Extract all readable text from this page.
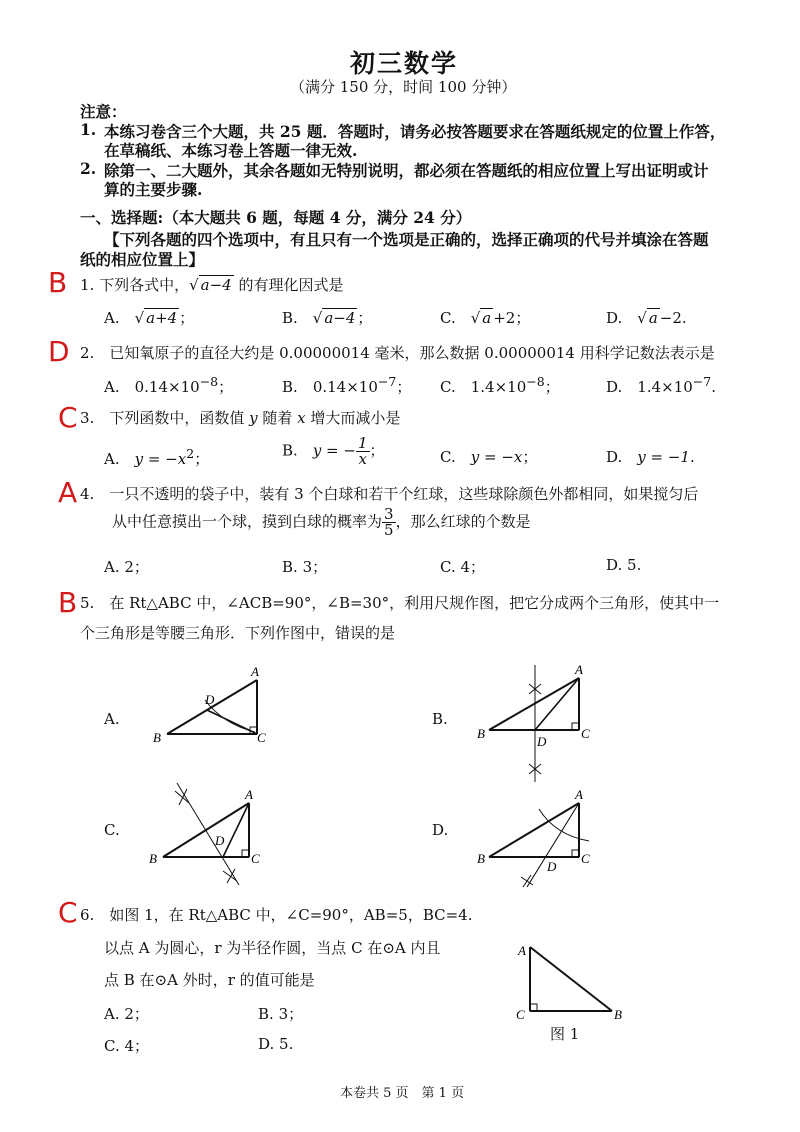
初三数学
（满分 150 分，时间 100 分钟）
注意：
1. 本练习卷含三个大题，共 25 题．答题时，请务必按答题要求在答题纸规定的位置上作答，
在草稿纸、本练习卷上答题一律无效.
2. 除第一、二大题外，其余各题如无特别说明，都必须在答题纸的相应位置上写出证明或计
算的主要步骤.
一、选择题:（本大题共 6 题，每题 4 分，满分 24 分）
【下列各题的四个选项中，有且只有一个选项是正确的，选择正确项的代号并填涂在答题
纸的相应位置上】
B 1. 下列各式中，√ a−4 的有理化因式是
A.　√ a+4 ；	B.　√ a−4 ；	C.　√ a +2；	D.　√ a −2.
D 2.　 已知氧原子的直径大约是 0.00000014 毫米，那么数据 0.00000014 用科学记数法表示是
A.　 $0.14\times 10^{-8}$；	B.　 $0.14\times 10^{-7}$； C.　 $1.4\times 10^{-8}$；	D.　 $1.4\times 10^{-7}$.
C 3.　 下列函数中，函数值 y 随着 x 增大而减小是
A.　 $y = -x^2$；	B.　 y = − $\frac{1}{x}$ ；	C.　 y = −x；	D.　 y = −1.
A 4.　 一只不透明的袋子中，装有 3 个白球和若干个红球，这些球除颜色外都相同，如果搅匀后
从中任意摸出一个球，摸到白球的概率为 $\frac{3}{5}$ ，那么红球的个数是
A. 2；	B. 3；	C. 4；	D. 5.
B 5.　 在 Rt△ABC 中，∠ACB=90°，∠B=30°，利用尺规作图，把它分成两个三角形，使其中一
个三角形是等腰三角形．下列作图中，错误的是
A.	B.
C.	D.
A
B	C
D
A
B	C
D
A
B	C
D
A
B	C
D
C 6.　 如图 1，在 Rt△ABC 中，∠C=90°，AB=5，BC=4.
以点 A 为圆心，r 为半径作圆，当点 C 在⊙A 内且
点 B 在⊙A 外时，r 的值可能是
A. 2；	B. 3；
C. 4；	D. 5.
A
C	B
图 1
本卷共 5 页　第 1 页
